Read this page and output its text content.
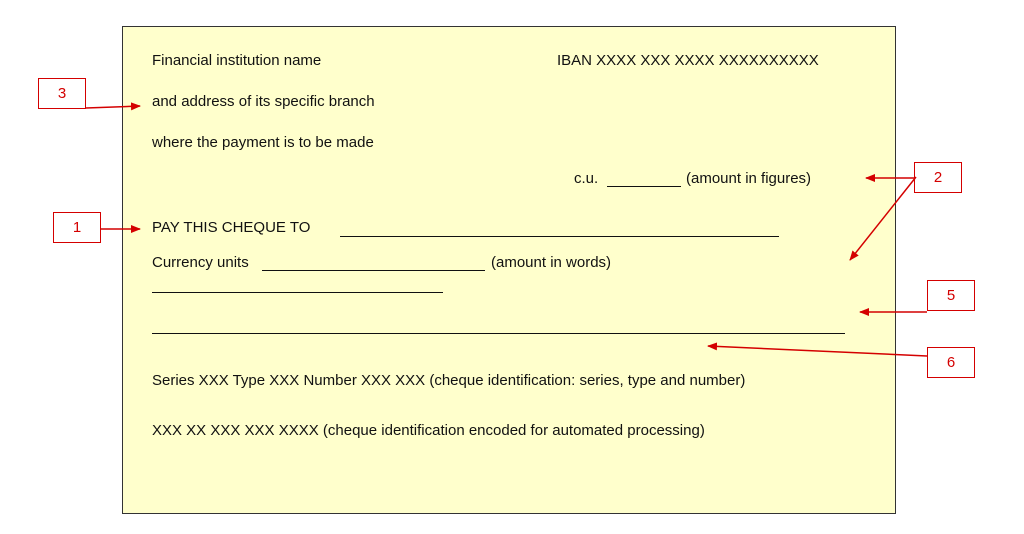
Financial institution name
and address of its specific branch
where the payment is to be made
IBAN XXXX XXX XXXX XXXXXXXXXX
c.u.	(amount in figures)
PAY THIS CHEQUE TO
Currency units	(amount in words)
Series XXX Type XXX Number XXX XXX (cheque identification: series, type and number)
XXX XX XXX XXX XXXX (cheque identification encoded for automated processing)
3
1
2
5
6
